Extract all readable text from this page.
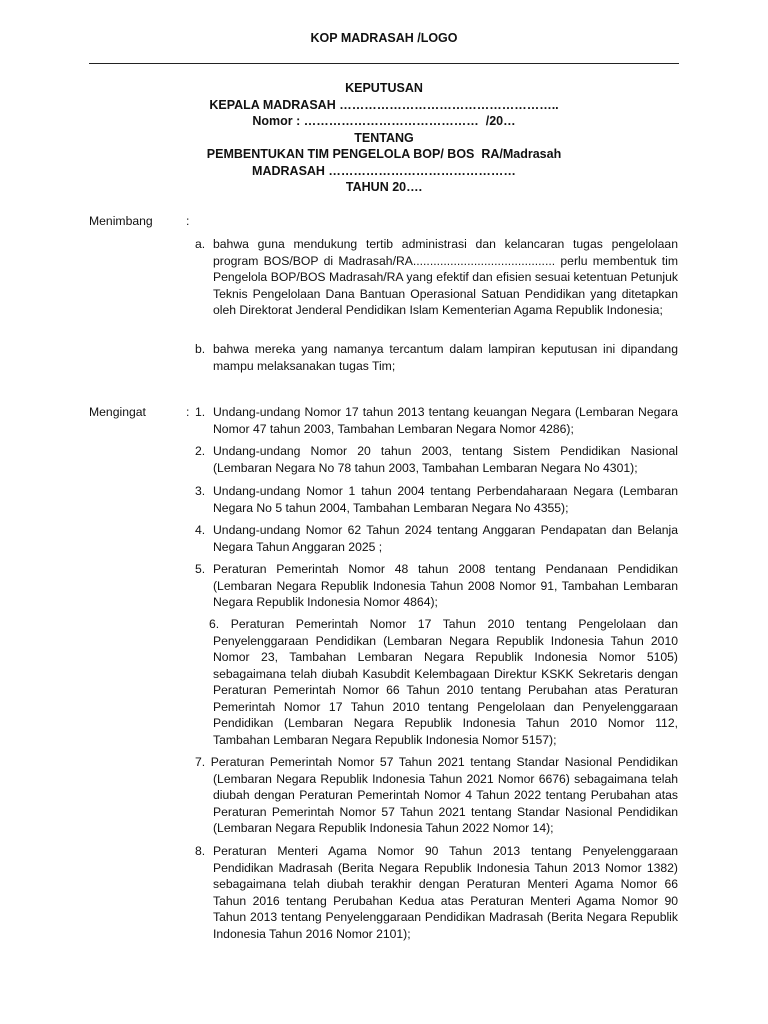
KOP MADRASAH /LOGO
KEPUTUSAN
KEPALA MADRASAH ……………………………………………..
Nomor : ……………………………………  /20…
TENTANG
PEMBENTUKAN TIM PENGELOLA BOP/ BOS  RA/Madrasah
MADRASAH ………………………………………
TAHUN 20….
Menimbang	:
a. bahwa guna mendukung tertib administrasi dan kelancaran tugas pengelolaan program BOS/BOP di Madrasah/RA.......................................... perlu membentuk tim Pengelola BOP/BOS Madrasah/RA yang efektif dan efisien sesuai ketentuan Petunjuk Teknis Pengelolaan Dana Bantuan Operasional Satuan Pendidikan yang ditetapkan oleh Direktorat Jenderal Pendidikan Islam Kementerian Agama Republik Indonesia;
b. bahwa mereka yang namanya tercantum dalam lampiran keputusan ini dipandang mampu melaksanakan tugas Tim;
Mengingat	: 1. Undang-undang Nomor 17 tahun 2013 tentang keuangan Negara (Lembaran Negara Nomor 47 tahun 2003, Tambahan Lembaran Negara Nomor 4286);
2. Undang-undang Nomor 20 tahun 2003, tentang Sistem Pendidikan Nasional (Lembaran Negara No 78 tahun 2003, Tambahan Lembaran Negara No 4301);
3. Undang-undang Nomor 1 tahun 2004 tentang Perbendaharaan Negara (Lembaran Negara No 5 tahun 2004, Tambahan Lembaran Negara No 4355);
4. Undang-undang Nomor 62 Tahun 2024 tentang Anggaran Pendapatan dan Belanja Negara Tahun Anggaran 2025 ;
5. Peraturan Pemerintah Nomor 48 tahun 2008 tentang Pendanaan Pendidikan (Lembaran Negara Republik Indonesia Tahun 2008 Nomor 91, Tambahan Lembaran Negara Republik Indonesia Nomor 4864);
6. Peraturan Pemerintah Nomor 17 Tahun 2010 tentang Pengelolaan dan Penyelenggaraan Pendidikan (Lembaran Negara Republik Indonesia Tahun 2010 Nomor 23, Tambahan Lembaran Negara Republik Indonesia Nomor 5105) sebagaimana telah diubah Kasubdit Kelembagaan Direktur KSKK Sekretaris dengan Peraturan Pemerintah Nomor 66 Tahun 2010 tentang Perubahan atas Peraturan Pemerintah Nomor 17 Tahun 2010 tentang Pengelolaan dan Penyelenggaraan Pendidikan (Lembaran Negara Republik Indonesia Tahun 2010 Nomor 112, Tambahan Lembaran Negara Republik Indonesia Nomor 5157);
7. Peraturan Pemerintah Nomor 57 Tahun 2021 tentang Standar Nasional Pendidikan (Lembaran Negara Republik Indonesia Tahun 2021 Nomor 6676) sebagaimana telah diubah dengan Peraturan Pemerintah Nomor 4 Tahun 2022 tentang Perubahan atas Peraturan Pemerintah Nomor 57 Tahun 2021 tentang Standar Nasional Pendidikan (Lembaran Negara Republik Indonesia Tahun 2022 Nomor 14);
8. Peraturan Menteri Agama Nomor 90 Tahun 2013 tentang Penyelenggaraan Pendidikan Madrasah (Berita Negara Republik Indonesia Tahun 2013 Nomor 1382) sebagaimana telah diubah terakhir dengan Peraturan Menteri Agama Nomor 66 Tahun 2016 tentang Perubahan Kedua atas Peraturan Menteri Agama Nomor 90 Tahun 2013 tentang Penyelenggaraan Pendidikan Madrasah (Berita Negara Republik Indonesia Tahun 2016 Nomor 2101);
